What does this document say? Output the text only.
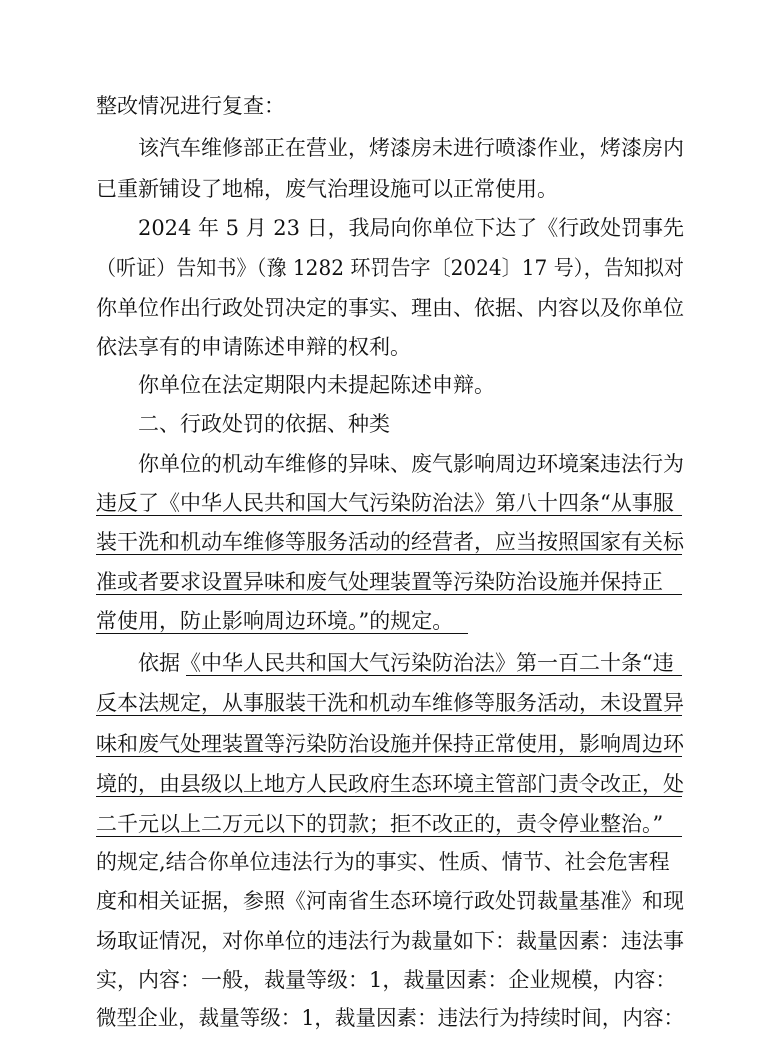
整改情况进行复查：
该汽车维修部正在营业，烤漆房未进行喷漆作业，烤漆房内
已重新铺设了地棉，废气治理设施可以正常使用。
2024 年 5 月 23 日，我局向你单位下达了《行政处罚事先
（听证）告知书》（豫 1282 环罚告字〔2024〕17 号），告知拟对
你单位作出行政处罚决定的事实、理由、依据、内容以及你单位
依法享有的申请陈述申辩的权利。
你单位在法定期限内未提起陈述申辩。
二、行政处罚的依据、种类
你单位的机动车维修的异味、废气影响周边环境案违法行为
违反了《中华人民共和国大气污染防治法》第八十四条“从事服
装干洗和机动车维修等服务活动的经营者，应当按照国家有关标
准或者要求设置异味和废气处理装置等污染防治设施并保持正
常使用，防止影响周边环境。”的规定。
依据《中华人民共和国大气污染防治法》第一百二十条“违
反本法规定，从事服装干洗和机动车维修等服务活动，未设置异
味和废气处理装置等污染防治设施并保持正常使用，影响周边环
境的，由县级以上地方人民政府生态环境主管部门责令改正，处
二千元以上二万元以下的罚款；拒不改正的，责令停业整治。”
的规定,结合你单位违法行为的事实、性质、情节、社会危害程
度和相关证据，参照《河南省生态环境行政处罚裁量基准》和现
场取证情况，对你单位的违法行为裁量如下：裁量因素：违法事
实，内容：一般，裁量等级：1，裁量因素：企业规模，内容：
微型企业，裁量等级：1，裁量因素：违法行为持续时间，内容：
